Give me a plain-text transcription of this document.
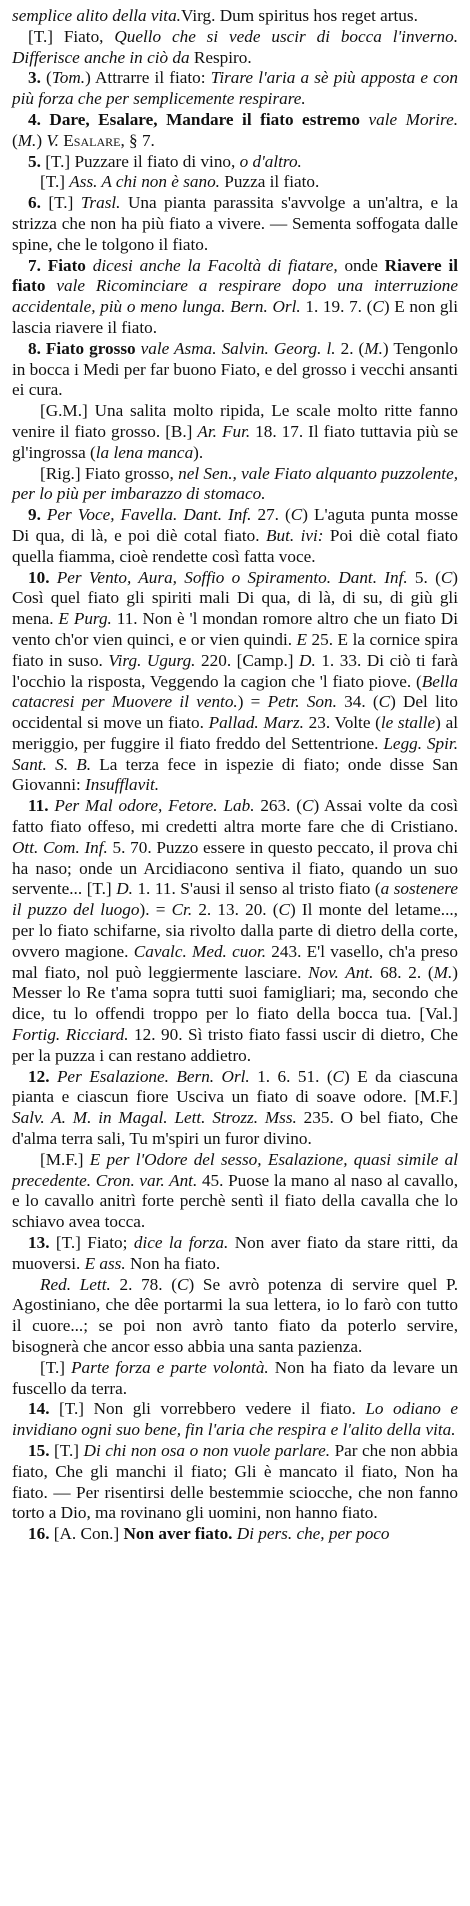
semplice alito della vita.Virg. Dum spiritus hos reget artus.

[T.] Fiato, Quello che si vede uscir di bocca l'inverno. Differisce anche in ciò da Respiro.

3. (Tom.) Attrarre il fiato: Tirare l'aria a sè più apposta e con più forza che per semplicemente respirare.

4. Dare, Esalare, Mandare il fiato estremo vale Morire. (M.) V. Esalare, § 7.

5. [T.] Puzzare il fiato di vino, o d'altro.

[T.] Ass. A chi non è sano. Puzza il fiato.

6. [T.] Trasl. Una pianta parassita s'avvolge a un'altra, e la strizza che non ha più fiato a vivere. — Sementa soffogata dalle spine, che le tolgono il fiato.

7. Fiato dicesi anche la Facoltà di fiatare, onde Riavere il fiato vale Ricominciare a respirare dopo una interruzione accidentale, più o meno lunga. Bern. Orl. 1. 19. 7. (C) E non gli lascia riavere il fiato.

8. Fiato grosso vale Asma. Salvin. Georg. l. 2. (M.) Tengonlo in bocca i Medi per far buono Fiato, e del grosso i vecchi ansanti ei cura.

[G.M.] Una salita molto ripida, Le scale molto ritte fanno venire il fiato grosso. [B.] Ar. Fur. 18. 17. Il fiato tuttavia più se gl'ingrossa (la lena manca).

[Rig.] Fiato grosso, nel Sen., vale Fiato alquanto puzzolente, per lo più per imbarazzo di stomaco.

9. Per Voce, Favella. Dant. Inf. 27. (C) L'aguta punta mosse Di qua, di là, e poi diè cotal fiato. But. ivi: Poi diè cotal fiato quella fiamma, cioè rendette così fatta voce.

10. Per Vento, Aura, Soffio o Spiramento. Dant. Inf. 5. (C) Così quel fiato gli spiriti mali Di qua, di là, di su, di giù gli mena. E Purg. 11. Non è 'l mondan romore altro che un fiato Di vento ch'or vien quinci, e or vien quindi. E 25. E la cornice spira fiato in suso. Virg. Ugurg. 220. [Camp.] D. 1. 33. Di ciò ti farà l'occhio la risposta, Veggendo la cagion che 'l fiato piove. (Bella catacresi per Muovere il vento.) = Petr. Son. 34. (C) Del lito occidental si move un fiato. Pallad. Marz. 23. Volte (le stalle) al meriggio, per fuggire il fiato freddo del Settentrione. Legg. Spir. Sant. S. B. La terza fece in ispezie di fiato; onde disse San Giovanni: Insufflavit.

11. Per Mal odore, Fetore. Lab. 263. (C) Assai volte da così fatto fiato offeso, mi credetti altra morte fare che di Cristiano. Ott. Com. Inf. 5. 70. Puzzo essere in questo peccato, il prova chi ha naso; onde un Arcidiacono sentiva il fiato, quando un suo servente... [T.] D. 1. 11. S'ausi il senso al tristo fiato (a sostenere il puzzo del luogo). = Cr. 2. 13. 20. (C) Il monte del letame..., per lo fiato schifarne, sia rivolto dalla parte di dietro della corte, ovvero magione. Cavalc. Med. cuor. 243. E'l vasello, ch'a preso mal fiato, nol può leggiermente lasciare. Nov. Ant. 68. 2. (M.) Messer lo Re t'ama sopra tutti suoi famigliari; ma, secondo che dice, tu lo offendi troppo per lo fiato della bocca tua. [Val.] Fortig. Ricciard. 12. 90. Sì tristo fiato fassi uscir di dietro, Che per la puzza i can restano addietro.

12. Per Esalazione. Bern. Orl. 1. 6. 51. (C) E da ciascuna pianta e ciascun fiore Usciva un fiato di soave odore. [M.F.] Salv. A. M. in Magal. Lett. Strozz. Mss. 235. O bel fiato, Che d'alma terra sali, Tu m'spiri un furor divino.

[M.F.] E per l'Odore del sesso, Esalazione, quasi simile al precedente. Cron. var. Ant. 45. Puose la mano al naso al cavallo, e lo cavallo anitrì forte perchè sentì il fiato della cavalla che lo schiavo avea tocca.

13. [T.] Fiato; dice la forza. Non aver fiato da stare ritti, da muoversi. E ass. Non ha fiato.

Red. Lett. 2. 78. (C) Se avrò potenza di servire quel P. Agostiniano, che dêe portarmi la sua lettera, io lo farò con tutto il cuore...; se poi non avrò tanto fiato da poterlo servire, bisognerà che ancor esso abbia una santa pazienza.

[T.] Parte forza e parte volontà. Non ha fiato da levare un fuscello da terra.

14. [T.] Non gli vorrebbero vedere il fiato. Lo odiano e invidiano ogni suo bene, fin l'aria che respira e l'alito della vita.

15. [T.] Di chi non osa o non vuole parlare. Par che non abbia fiato, Che gli manchi il fiato; Gli è mancato il fiato, Non ha fiato. — Per risentirsi delle bestemmie sciocche, che non fanno torto a Dio, ma rovinano gli uomini, non hanno fiato.

16. [A. Con.] Non aver fiato. Di pers. che, per poco
